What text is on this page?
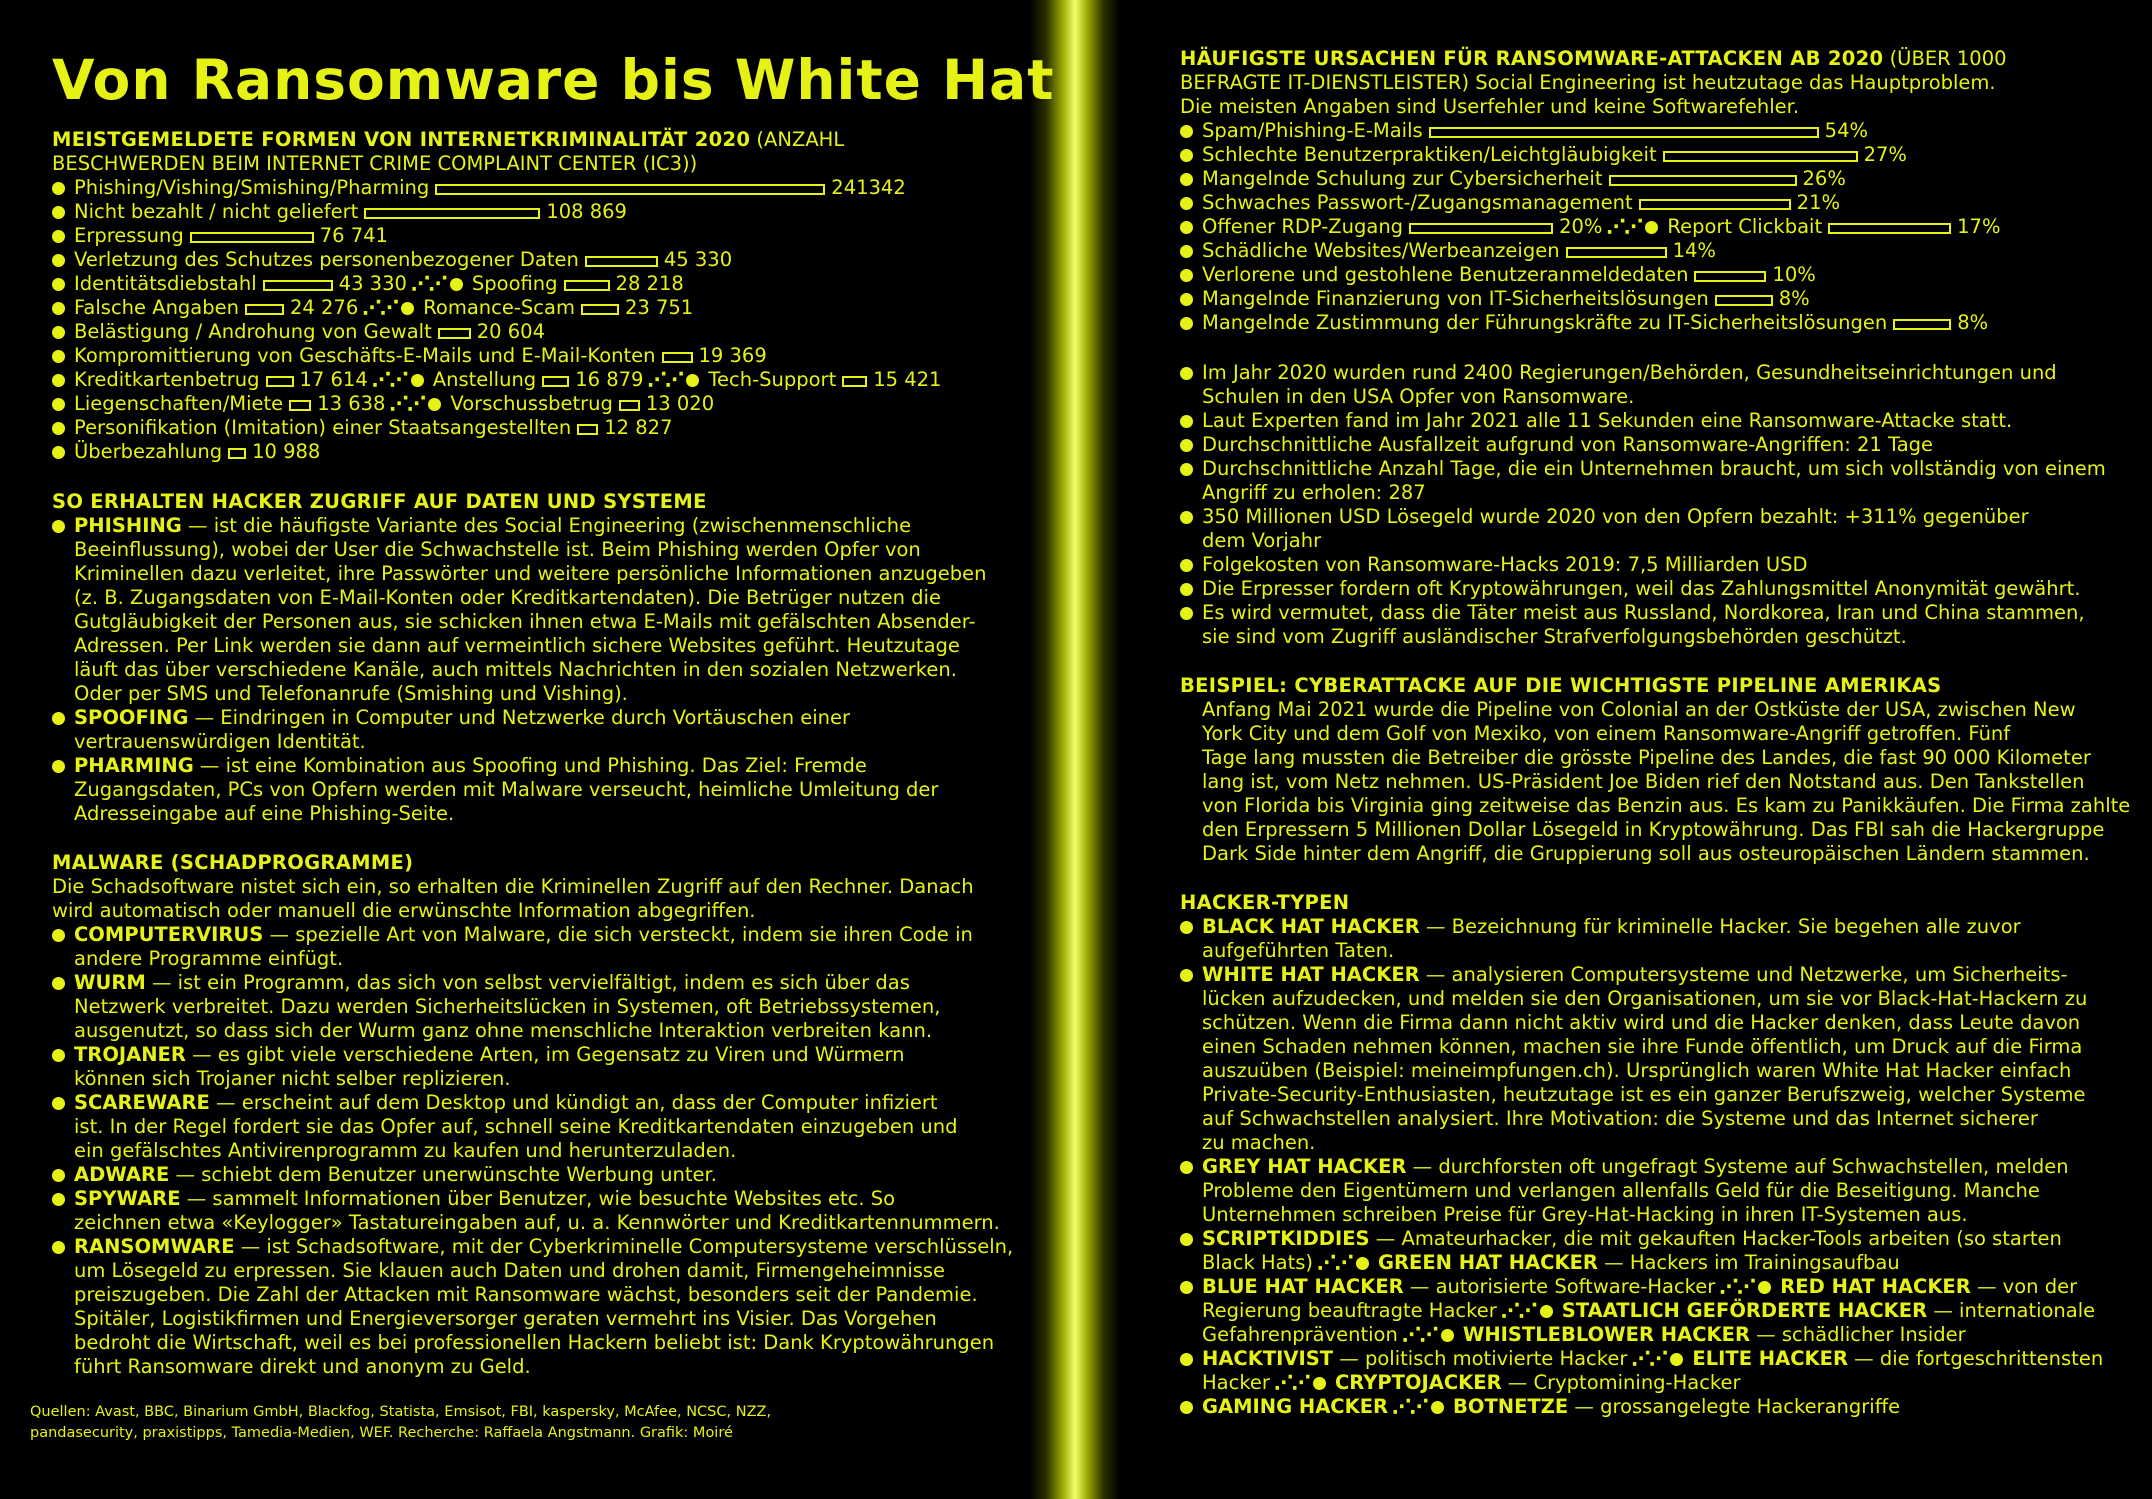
Von Ransomware bis White Hat
MEISTGEMELDETE FORMEN VON INTERNETKRIMINALITÄT 2020 (ANZAHL
BESCHWERDEN BEIM INTERNET CRIME COMPLAINT CENTER (IC3))
Phishing/Vishing/Smishing/Pharming	241342
Nicht bezahlt / nicht geliefert	108 869
Erpressung	76 741
Verletzung des Schutzes personenbezogener Daten	45 330
Identitätsdiebstahl	43 330 ⋰⋰ Spoofing	28 218
Falsche Angaben	24 276 ⋰⋰ Romance-Scam	23 751
Belästigung / Androhung von Gewalt 20 604
Kompromittierung von Geschäfts-E-Mails und E-Mail-Konten 19 369
Kreditkartenbetrug 17 614 ⋰⋰ Anstellung 16 879 ⋰⋰ Tech-Support 15 421
Liegenschaften/Miete 13 638 ⋰⋰ Vorschussbetrug 13 020
Personifikation (Imitation) einer Staatsangestellten 12 827
Überbezahlung 10 988
SO ERHALTEN HACKER ZUGRIFF AUF DATEN UND SYSTEME
PHISHING — ist die häufigste Variante des Social Engineering (zwischenmenschliche
Beeinflussung), wobei der User die Schwachstelle ist. Beim Phishing werden Opfer von
Kriminellen dazu verleitet, ihre Passwörter und weitere persönliche Informationen anzugeben
(z. B. Zugangsdaten von E-Mail-Konten oder Kreditkartendaten). Die Betrüger nutzen die
Gutgläubigkeit der Personen aus, sie schicken ihnen etwa E-Mails mit gefälschten Absender-
Adressen. Per Link werden sie dann auf vermeintlich sichere Websites geführt. Heutzutage
läuft das über verschiedene Kanäle, auch mittels Nachrichten in den sozialen Netzwerken.
Oder per SMS und Telefonanrufe (Smishing und Vishing).
SPOOFING — Eindringen in Computer und Netzwerke durch Vortäuschen einer
vertrauenswürdigen Identität.
PHARMING — ist eine Kombination aus Spoofing und Phishing. Das Ziel: Fremde
Zugangsdaten, PCs von Opfern werden mit Malware verseucht, heimliche Umleitung der
Adresseingabe auf eine Phishing-Seite.
MALWARE (SCHADPROGRAMME)
Die Schadsoftware nistet sich ein, so erhalten die Kriminellen Zugriff auf den Rechner. Danach
wird automatisch oder manuell die erwünschte Information abgegriffen.
COMPUTERVIRUS — spezielle Art von Malware, die sich versteckt, indem sie ihren Code in
andere Programme einfügt.
WURM — ist ein Programm, das sich von selbst vervielfältigt, indem es sich über das
Netzwerk verbreitet. Dazu werden Sicherheitslücken in Systemen, oft Betriebssystemen,
ausgenutzt, so dass sich der Wurm ganz ohne menschliche Interaktion verbreiten kann.
TROJANER — es gibt viele verschiedene Arten, im Gegensatz zu Viren und Würmern
können sich Trojaner nicht selber replizieren.
SCAREWARE — erscheint auf dem Desktop und kündigt an, dass der Computer infiziert
ist. In der Regel fordert sie das Opfer auf, schnell seine Kreditkartendaten einzugeben und
ein gefälschtes Antivirenprogramm zu kaufen und herunterzuladen.
ADWARE — schiebt dem Benutzer unerwünschte Werbung unter.
SPYWARE — sammelt Informationen über Benutzer, wie besuchte Websites etc. So
zeichnen etwa «Keylogger» Tastatureingaben auf, u. a. Kennwörter und Kreditkartennummern.
RANSOMWARE — ist Schadsoftware, mit der Cyberkriminelle Computersysteme verschlüsseln,
um Lösegeld zu erpressen. Sie klauen auch Daten und drohen damit, Firmengeheimnisse
preiszugeben. Die Zahl der Attacken mit Ransomware wächst, besonders seit der Pandemie.
Spitäler, Logistikfirmen und Energieversorger geraten vermehrt ins Visier. Das Vorgehen
bedroht die Wirtschaft, weil es bei professionellen Hackern beliebt ist: Dank Kryptowährungen
führt Ransomware direkt und anonym zu Geld.
Quellen: Avast, BBC, Binarium GmbH, Blackfog, Statista, Emsisot, FBI, kaspersky, McAfee, NCSC, NZZ,
pandasecurity, praxistipps, Tamedia-Medien, WEF. Recherche: Raffaela Angstmann. Grafik: Moiré
HÄUFIGSTE URSACHEN FÜR RANSOMWARE-ATTACKEN AB 2020 (ÜBER 1000
BEFRAGTE IT-DIENSTLEISTER) Social Engineering ist heutzutage das Hauptproblem.
Die meisten Angaben sind Userfehler und keine Softwarefehler.
Spam/Phishing-E-Mails	54%
Schlechte Benutzerpraktiken/Leichtgläubigkeit	27%
Mangelnde Schulung zur Cybersicherheit	26%
Schwaches Passwort-/Zugangsmanagement	21%
Offener RDP-Zugang	20% ⋰⋰ Report Clickbait	17%
Schädliche Websites/Werbeanzeigen	14%
Verlorene und gestohlene Benutzeranmeldedaten	10%
Mangelnde Finanzierung von IT-Sicherheitslösungen	8%
Mangelnde Zustimmung der Führungskräfte zu IT-Sicherheitslösungen	8%
Im Jahr 2020 wurden rund 2400 Regierungen/Behörden, Gesundheitseinrichtungen und
Schulen in den USA Opfer von Ransomware.
Laut Experten fand im Jahr 2021 alle 11 Sekunden eine Ransomware-Attacke statt.
Durchschnittliche Ausfallzeit aufgrund von Ransomware-Angriffen: 21 Tage
Durchschnittliche Anzahl Tage, die ein Unternehmen braucht, um sich vollständig von einem
Angriff zu erholen: 287
350 Millionen USD Lösegeld wurde 2020 von den Opfern bezahlt: +311% gegenüber
dem Vorjahr
Folgekosten von Ransomware-Hacks 2019: 7,5 Milliarden USD
Die Erpresser fordern oft Kryptowährungen, weil das Zahlungsmittel Anonymität gewährt.
Es wird vermutet, dass die Täter meist aus Russland, Nordkorea, Iran und China stammen,
sie sind vom Zugriff ausländischer Strafverfolgungsbehörden geschützt.
BEISPIEL: CYBERATTACKE AUF DIE WICHTIGSTE PIPELINE AMERIKAS
Anfang Mai 2021 wurde die Pipeline von Colonial an der Ostküste der USA, zwischen New
York City und dem Golf von Mexiko, von einem Ransomware-Angriff getroffen. Fünf
Tage lang mussten die Betreiber die grösste Pipeline des Landes, die fast 90 000 Kilometer
lang ist, vom Netz nehmen. US-Präsident Joe Biden rief den Notstand aus. Den Tankstellen
von Florida bis Virginia ging zeitweise das Benzin aus. Es kam zu Panikkäufen. Die Firma zahlte
den Erpressern 5 Millionen Dollar Lösegeld in Kryptowährung. Das FBI sah die Hackergruppe
Dark Side hinter dem Angriff, die Gruppierung soll aus osteuropäischen Ländern stammen.
HACKER-TYPEN
BLACK HAT HACKER — Bezeichnung für kriminelle Hacker. Sie begehen alle zuvor
aufgeführten Taten.
WHITE HAT HACKER — analysieren Computersysteme und Netzwerke, um Sicherheits-
lücken aufzudecken, und melden sie den Organisationen, um sie vor Black-Hat-Hackern zu
schützen. Wenn die Firma dann nicht aktiv wird und die Hacker denken, dass Leute davon
einen Schaden nehmen können, machen sie ihre Funde öffentlich, um Druck auf die Firma
auszuüben (Beispiel: meineimpfungen.ch). Ursprünglich waren White Hat Hacker einfach
Private-Security-Enthusiasten, heutzutage ist es ein ganzer Berufszweig, welcher Systeme
auf Schwachstellen analysiert. Ihre Motivation: die Systeme und das Internet sicherer
zu machen.
GREY HAT HACKER — durchforsten oft ungefragt Systeme auf Schwachstellen, melden
Probleme den Eigentümern und verlangen allenfalls Geld für die Beseitigung. Manche
Unternehmen schreiben Preise für Grey-Hat-Hacking in ihren IT-Systemen aus.
SCRIPTKIDDIES — Amateurhacker, die mit gekauften Hacker-Tools arbeiten (so starten
Black Hats) ⋰⋰ GREEN HAT HACKER — Hackers im Trainingsaufbau
BLUE HAT HACKER — autorisierte Software-Hacker ⋰⋰ RED HAT HACKER — von der
Regierung beauftragte Hacker ⋰⋰ STAATLICH GEFÖRDERTE HACKER — internationale
Gefahrenprävention ⋰⋰ WHISTLEBLOWER HACKER — schädlicher Insider
HACKTIVIST — politisch motivierte Hacker ⋰⋰ ELITE HACKER — die fortgeschrittensten
Hacker ⋰⋰ CRYPTOJACKER — Cryptomining-Hacker
GAMING HACKER ⋰⋰ BOTNETZE — grossangelegte Hackerangriffe
